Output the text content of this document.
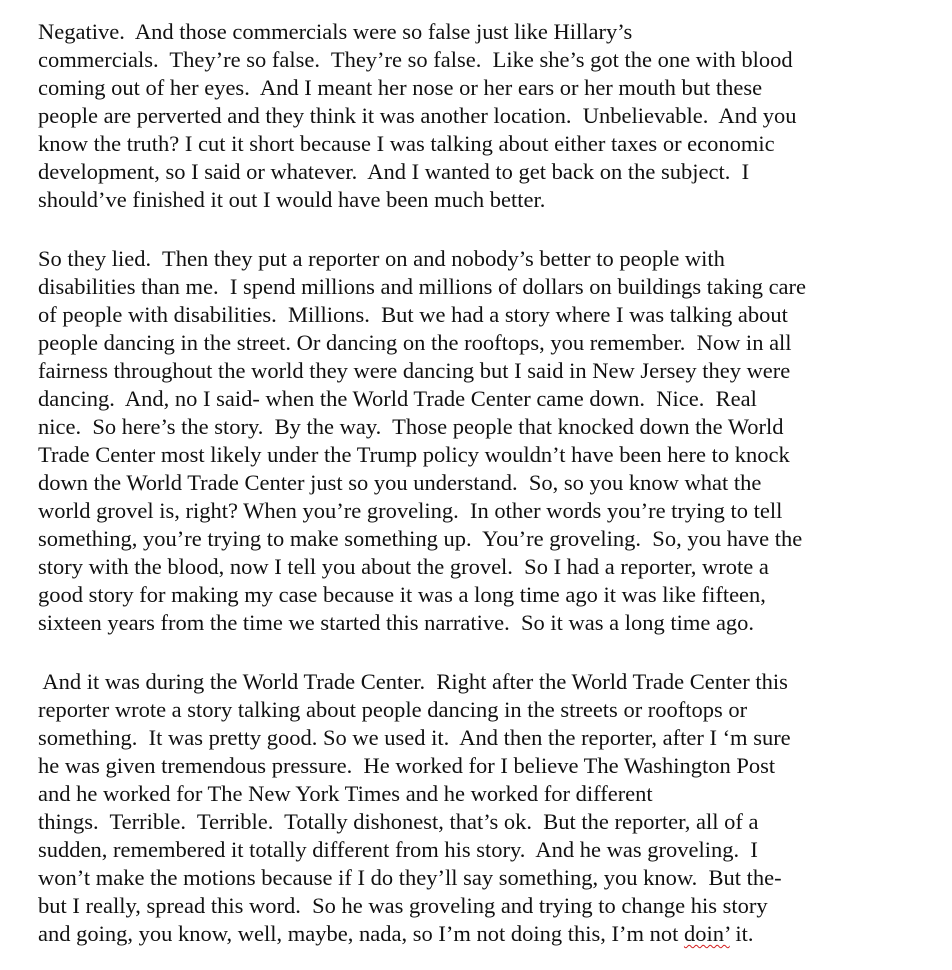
Negative.  And those commercials were so false just like Hillary’s
commercials.  They’re so false.  They’re so false.  Like she’s got the one with blood
coming out of her eyes.  And I meant her nose or her ears or her mouth but these
people are perverted and they think it was another location.  Unbelievable.  And you
know the truth? I cut it short because I was talking about either taxes or economic
development, so I said or whatever.  And I wanted to get back on the subject.  I
should’ve finished it out I would have been much better.
So they lied.  Then they put a reporter on and nobody’s better to people with
disabilities than me.  I spend millions and millions of dollars on buildings taking care
of people with disabilities.  Millions.  But we had a story where I was talking about
people dancing in the street. Or dancing on the rooftops, you remember.  Now in all
fairness throughout the world they were dancing but I said in New Jersey they were
dancing.  And, no I said- when the World Trade Center came down.  Nice.  Real
nice.  So here’s the story.  By the way.  Those people that knocked down the World
Trade Center most likely under the Trump policy wouldn’t have been here to knock
down the World Trade Center just so you understand.  So, so you know what the
world grovel is, right? When you’re groveling.  In other words you’re trying to tell
something, you’re trying to make something up.  You’re groveling.  So, you have the
story with the blood, now I tell you about the grovel.  So I had a reporter, wrote a
good story for making my case because it was a long time ago it was like fifteen,
sixteen years from the time we started this narrative.  So it was a long time ago.
And it was during the World Trade Center.  Right after the World Trade Center this
reporter wrote a story talking about people dancing in the streets or rooftops or
something.  It was pretty good. So we used it.  And then the reporter, after I ‘m sure
he was given tremendous pressure.  He worked for I believe The Washington Post
and he worked for The New York Times and he worked for different
things.  Terrible.  Terrible.  Totally dishonest, that’s ok.  But the reporter, all of a
sudden, remembered it totally different from his story.  And he was groveling.  I
won’t make the motions because if I do they’ll say something, you know.  But the-
but I really, spread this word.  So he was groveling and trying to change his story
and going, you know, well, maybe, nada, so I’m not doing this, I’m not doin’ it.
